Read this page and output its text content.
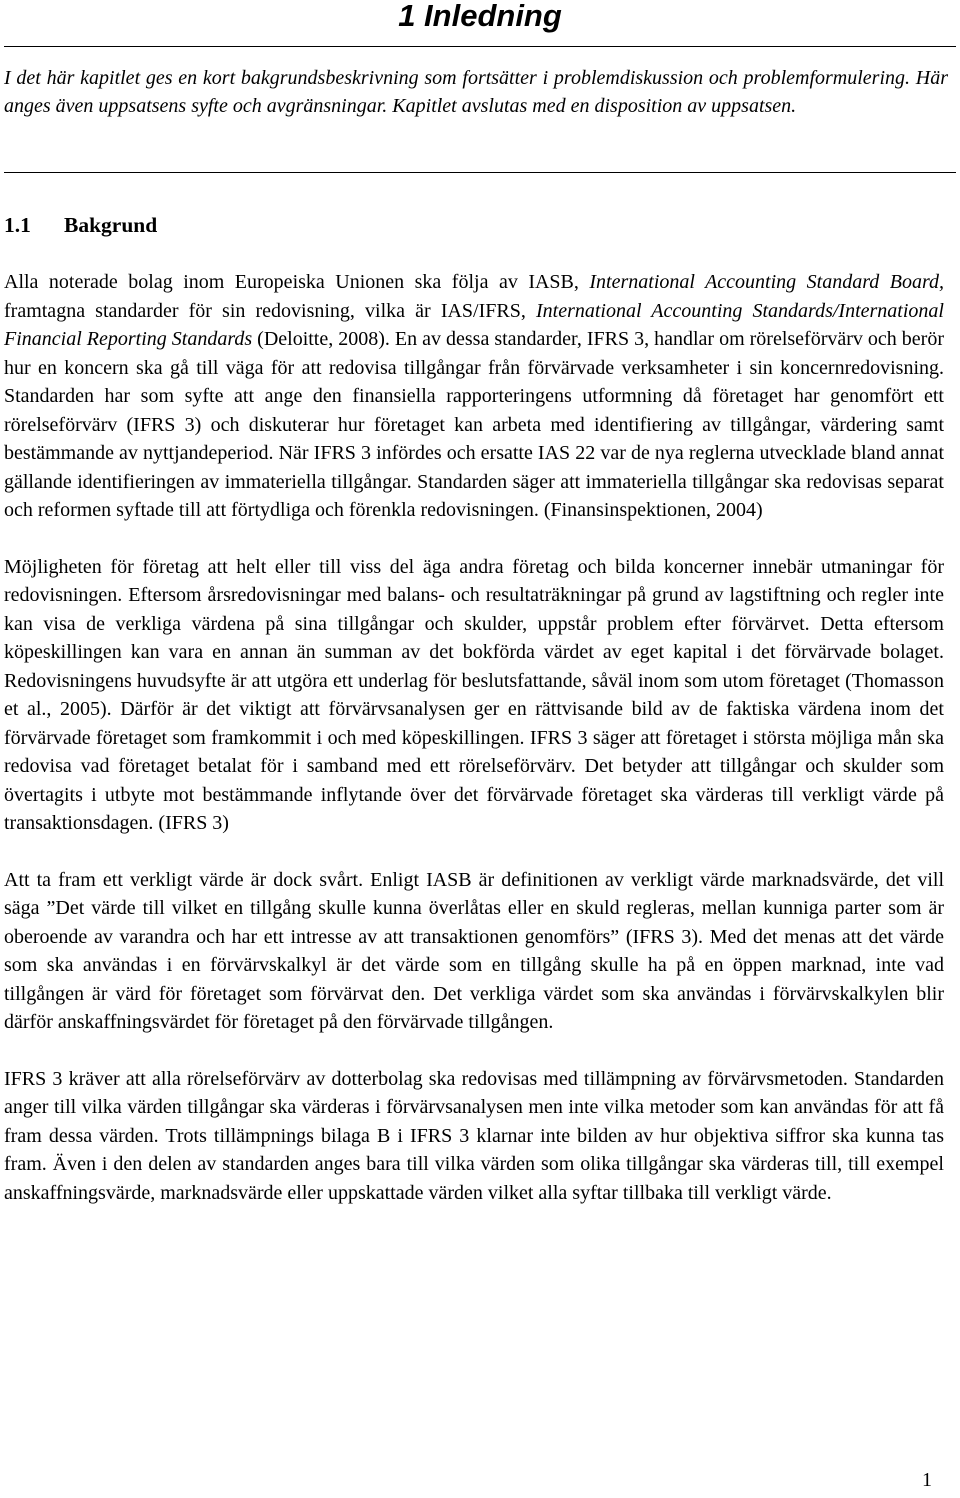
1 Inledning

I det här kapitlet ges en kort bakgrundsbeskrivning som fortsätter i problemdiskussion och problemformulering. Här anges även uppsatsens syfte och avgränsningar. Kapitlet avslutas med en disposition av uppsatsen.

1.1 Bakgrund

Alla noterade bolag inom Europeiska Unionen ska följa av IASB, International Accounting Standard Board, framtagna standarder för sin redovisning, vilka är IAS/IFRS, International Accounting Standards/International Financial Reporting Standards (Deloitte, 2008). En av dessa standarder, IFRS 3, handlar om rörelseförvärv och berör hur en koncern ska gå till väga för att redovisa tillgångar från förvärvade verksamheter i sin koncernredovisning. Standarden har som syfte att ange den finansiella rapporteringens utformning då företaget har genomfört ett rörelseförvärv (IFRS 3) och diskuterar hur företaget kan arbeta med identifiering av tillgångar, värdering samt bestämmande av nyttjandeperiod. När IFRS 3 infördes och ersatte IAS 22 var de nya reglerna utvecklade bland annat gällande identifieringen av immateriella tillgångar. Standarden säger att immateriella tillgångar ska redovisas separat och reformen syftade till att förtydliga och förenkla redovisningen. (Finansinspektionen, 2004)

Möjligheten för företag att helt eller till viss del äga andra företag och bilda koncerner innebär utmaningar för redovisningen. Eftersom årsredovisningar med balans- och resultaträkningar på grund av lagstiftning och regler inte kan visa de verkliga värdena på sina tillgångar och skulder, uppstår problem efter förvärvet. Detta eftersom köpeskillingen kan vara en annan än summan av det bokförda värdet av eget kapital i det förvärvade bolaget. Redovisningens huvudsyfte är att utgöra ett underlag för beslutsfattande, såväl inom som utom företaget (Thomasson et al., 2005). Därför är det viktigt att förvärvsanalysen ger en rättvisande bild av de faktiska värdena inom det förvärvade företaget som framkommit i och med köpeskillingen. IFRS 3 säger att företaget i största möjliga mån ska redovisa vad företaget betalat för i samband med ett rörelseförvärv. Det betyder att tillgångar och skulder som övertagits i utbyte mot bestämmande inflytande över det förvärvade företaget ska värderas till verkligt värde på transaktionsdagen. (IFRS 3)

Att ta fram ett verkligt värde är dock svårt. Enligt IASB är definitionen av verkligt värde marknadsvärde, det vill säga ”Det värde till vilket en tillgång skulle kunna överlåtas eller en skuld regleras, mellan kunniga parter som är oberoende av varandra och har ett intresse av att transaktionen genomförs” (IFRS 3). Med det menas att det värde som ska användas i en förvärvskalkyl är det värde som en tillgång skulle ha på en öppen marknad, inte vad tillgången är värd för företaget som förvärvat den. Det verkliga värdet som ska användas i förvärvskalkylen blir därför anskaffningsvärdet för företaget på den förvärvade tillgången.

IFRS 3 kräver att alla rörelseförvärv av dotterbolag ska redovisas med tillämpning av förvärvsmetoden. Standarden anger till vilka värden tillgångar ska värderas i förvärvsanalysen men inte vilka metoder som kan användas för att få fram dessa värden. Trots tillämpnings bilaga B i IFRS 3 klarnar inte bilden av hur objektiva siffror ska kunna tas fram. Även i den delen av standarden anges bara till vilka värden som olika tillgångar ska värderas till, till exempel anskaffningsvärde, marknadsvärde eller uppskattade värden vilket alla syftar tillbaka till verkligt värde.

1
